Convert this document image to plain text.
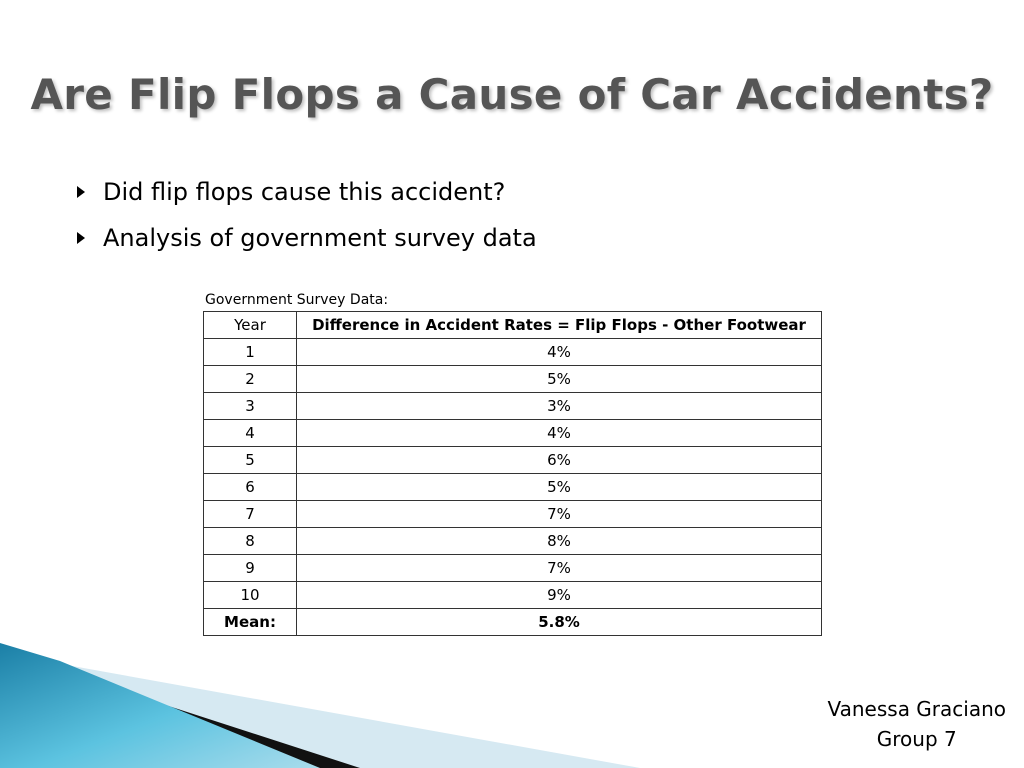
Are Flip Flops a Cause of Car Accidents?
Did flip flops cause this accident?
Analysis of government survey data
Government Survey Data:
Year	Difference in Accident Rates = Flip Flops - Other Footwear
1	4%
2	5%
3	3%
4	4%
5	6%
6	5%
7	7%
8	8%
9	7%
10	9%
Mean:	5.8%
Vanessa Graciano
Group 7
